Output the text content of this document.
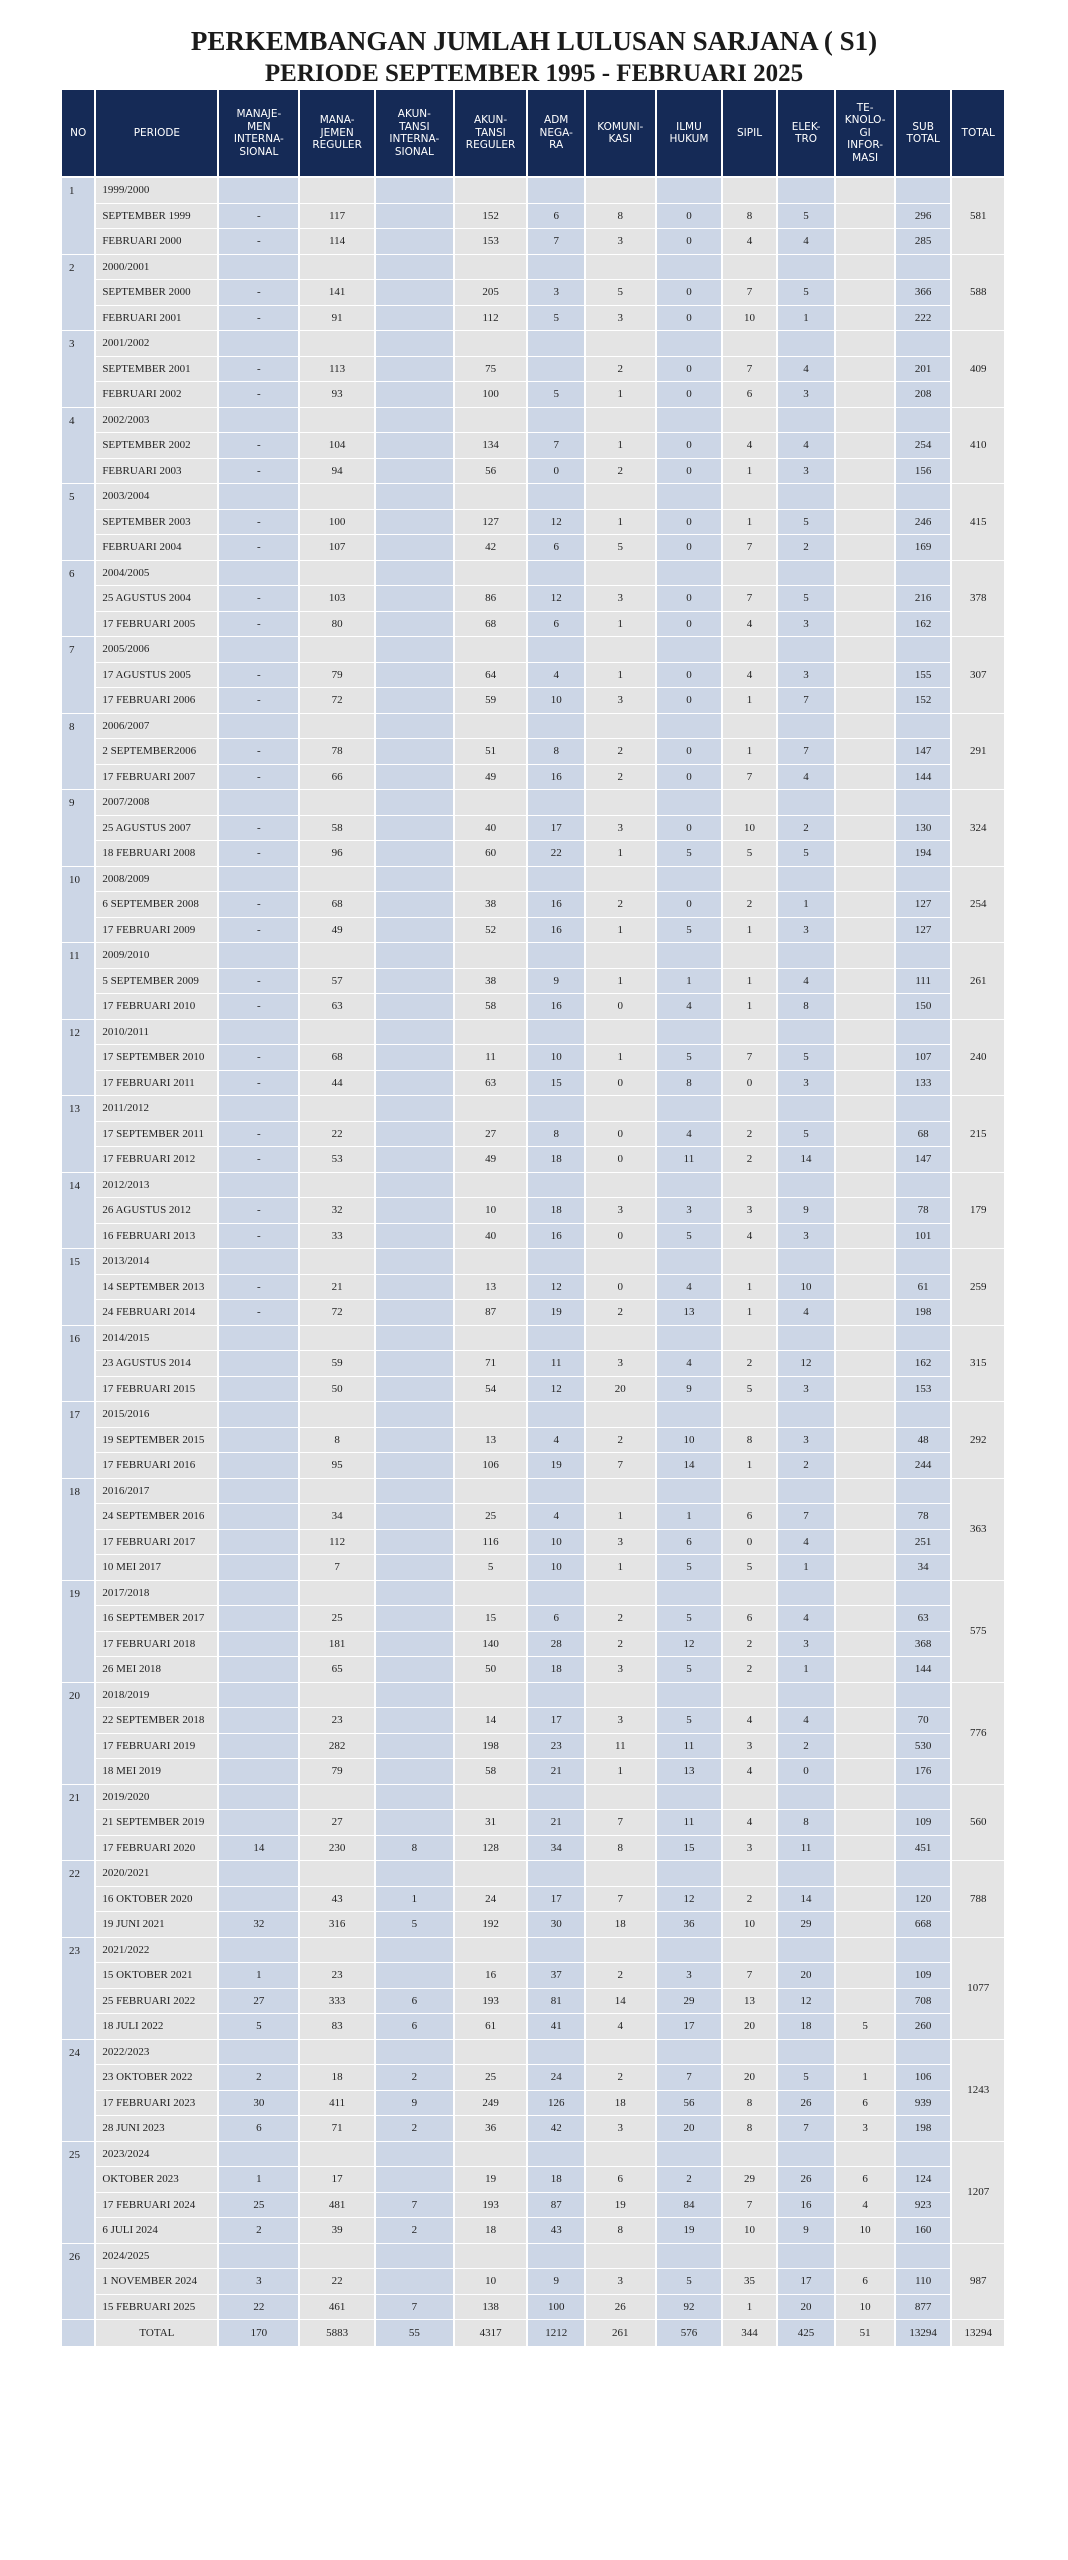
PERKEMBANGAN JUMLAH LULUSAN SARJANA ( S1)
PERIODE SEPTEMBER 1995 - FEBRUARI 2025
NO	PERIODE	MANAJE-
MEN
INTERNA-
SIONAL	MANA-
JEMEN
REGULER	AKUN-
TANSI
INTERNA-
SIONAL	AKUN-
TANSI
REGULER	ADM
NEGA-
RA	KOMUNI-
KASI	ILMU
HUKUM	SIPIL	ELEK-
TRO	TE-
KNOLO-
GI
INFOR-
MASI	SUB
TOTAL	TOTAL
1	1999/2000												581
	SEPTEMBER 1999	-	117		152	6	8	0	8	5		296	
	FEBRUARI 2000	-	114		153	7	3	0	4	4		285	
2	2000/2001												588
	SEPTEMBER 2000	-	141		205	3	5	0	7	5		366	
	FEBRUARI 2001	-	91		112	5	3	0	10	1		222	
3	2001/2002												409
	SEPTEMBER 2001	-	113		75		2	0	7	4		201	
	FEBRUARI 2002	-	93		100	5	1	0	6	3		208	
4	2002/2003												410
	SEPTEMBER 2002	-	104		134	7	1	0	4	4		254	
	FEBRUARI 2003	-	94		56	0	2	0	1	3		156	
5	2003/2004												415
	SEPTEMBER 2003	-	100		127	12	1	0	1	5		246	
	FEBRUARI 2004	-	107		42	6	5	0	7	2		169	
6	2004/2005												378
	25 AGUSTUS 2004	-	103		86	12	3	0	7	5		216	
	17 FEBRUARI 2005	-	80		68	6	1	0	4	3		162	
7	2005/2006												307
	17 AGUSTUS 2005	-	79		64	4	1	0	4	3		155	
	17 FEBRUARI 2006	-	72		59	10	3	0	1	7		152	
8	2006/2007												291
	2 SEPTEMBER2006	-	78		51	8	2	0	1	7		147	
	17 FEBRUARI 2007	-	66		49	16	2	0	7	4		144	
9	2007/2008												324
	25 AGUSTUS 2007	-	58		40	17	3	0	10	2		130	
	18 FEBRUARI 2008	-	96		60	22	1	5	5	5		194	
10	2008/2009												254
	6 SEPTEMBER 2008	-	68		38	16	2	0	2	1		127	
	17 FEBRUARI 2009	-	49		52	16	1	5	1	3		127	
11	2009/2010												261
	5 SEPTEMBER 2009	-	57		38	9	1	1	1	4		111	
	17 FEBRUARI 2010	-	63		58	16	0	4	1	8		150	
12	2010/2011												240
	17 SEPTEMBER 2010	-	68		11	10	1	5	7	5		107	
	17 FEBRUARI 2011	-	44		63	15	0	8	0	3		133	
13	2011/2012												215
	17 SEPTEMBER 2011	-	22		27	8	0	4	2	5		68	
	17 FEBRUARI 2012	-	53		49	18	0	11	2	14		147	
14	2012/2013												179
	26 AGUSTUS 2012	-	32		10	18	3	3	3	9		78	
	16 FEBRUARI 2013	-	33		40	16	0	5	4	3		101	
15	2013/2014												259
	14 SEPTEMBER 2013	-	21		13	12	0	4	1	10		61	
	24 FEBRUARI 2014	-	72		87	19	2	13	1	4		198	
16	2014/2015												315
	23 AGUSTUS 2014		59		71	11	3	4	2	12		162	
	17 FEBRUARI 2015		50		54	12	20	9	5	3		153	
17	2015/2016												292
	19 SEPTEMBER 2015		8		13	4	2	10	8	3		48	
	17 FEBRUARI 2016		95		106	19	7	14	1	2		244	
18	2016/2017												363
	24 SEPTEMBER 2016		34		25	4	1	1	6	7		78	
	17 FEBRUARI 2017		112		116	10	3	6	0	4		251	
	10 MEI 2017		7		5	10	1	5	5	1		34	
19	2017/2018												575
	16 SEPTEMBER 2017		25		15	6	2	5	6	4		63	
	17 FEBRUARI 2018		181		140	28	2	12	2	3		368	
	26 MEI 2018		65		50	18	3	5	2	1		144	
20	2018/2019												776
	22 SEPTEMBER 2018		23		14	17	3	5	4	4		70	
	17 FEBRUARI 2019		282		198	23	11	11	3	2		530	
	18 MEI 2019		79		58	21	1	13	4	0		176	
21	2019/2020												560
	21 SEPTEMBER 2019		27		31	21	7	11	4	8		109	
	17 FEBRUARI 2020	14	230	8	128	34	8	15	3	11		451	
22	2020/2021												788
	16 OKTOBER 2020		43	1	24	17	7	12	2	14		120	
	19 JUNI 2021	32	316	5	192	30	18	36	10	29		668	
23	2021/2022												1077
	15 OKTOBER 2021	1	23		16	37	2	3	7	20		109	
	25 FEBRUARI 2022	27	333	6	193	81	14	29	13	12		708	
	18 JULI 2022	5	83	6	61	41	4	17	20	18	5	260	
24	2022/2023												1243
	23 OKTOBER 2022	2	18	2	25	24	2	7	20	5	1	106	
	17 FEBRUARI 2023	30	411	9	249	126	18	56	8	26	6	939	
	28 JUNI 2023	6	71	2	36	42	3	20	8	7	3	198	
25	2023/2024												1207
	OKTOBER 2023	1	17		19	18	6	2	29	26	6	124	
	17 FEBRUARI 2024	25	481	7	193	87	19	84	7	16	4	923	
	6 JULI 2024	2	39	2	18	43	8	19	10	9	10	160	
26	2024/2025												987
	1 NOVEMBER 2024	3	22		10	9	3	5	35	17	6	110	
	15 FEBRUARI 2025	22	461	7	138	100	26	92	1	20	10	877	
	TOTAL	170	5883	55	4317	1212	261	576	344	425	51	13294	13294
